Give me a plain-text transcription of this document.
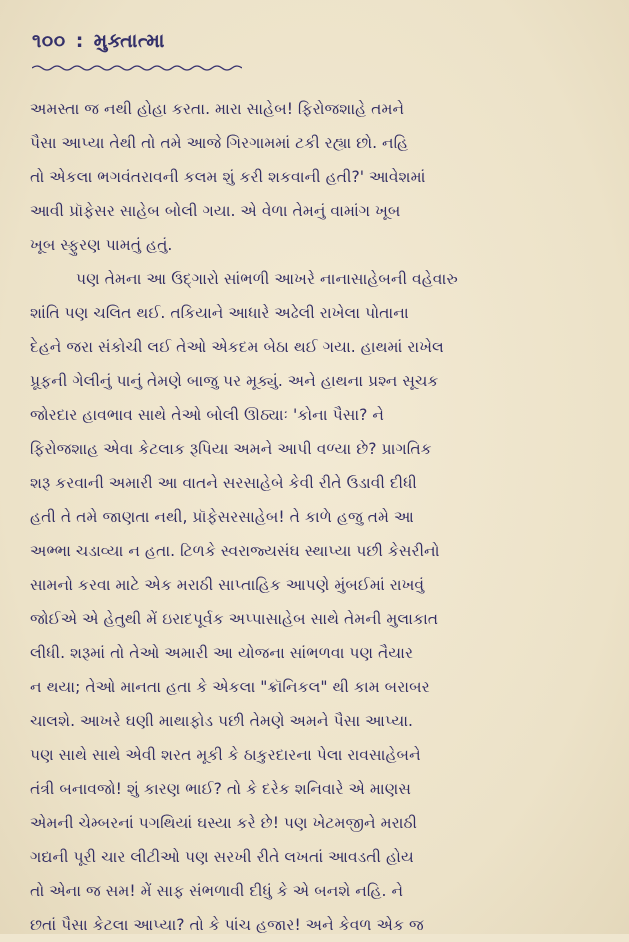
૧૦૦ : મુક્તાત્મા
અમસ્તા જ નથી હોહા કરતા. મારા સાહેબ! ફિરોજશાહે તમને
પૈસા આપ્યા તેથી તો તમે આજે ગિરગામમાં ટકી રહ્યા છો. નહિ
તો એકલા ભગવંતરાવની કલમ શું કરી શકવાની હતી?' આવેશમાં
આવી પ્રૉફેસર સાહેબ બોલી ગયા. એ વેળા તેમનું વામાંગ ખૂબ
ખૂબ સ્ફુરણ પામતું હતું.
પણ તેમના આ ઉદ્ગારો સાંભળી આખરે નાનાસાહેબની વહેવારુ
શાંતિ પણ ચલિત થઈ. તકિયાને આધારે અઢેલી રાખેલા પોતાના
દેહને જરા સંકોચી લઈ તેઓ એકદમ બેઠા થઈ ગયા. હાથમાં રાખેલ
પ્રૂફની ગેલીનું પાનું તેમણે બાજુ પર મૂક્યું. અને હાથના પ્રશ્ન સૂચક
જોરદાર હાવભાવ સાથે તેઓ બોલી ઊઠ્યાઃ 'કોના પૈસા? ને
ફિરોજશાહ એવા કેટલાક રૂપિયા અમને આપી વળ્યા છે? પ્રાગતિક
શરૂ કરવાની અમારી આ વાતને સરસાહેબે કેવી રીતે ઉડાવી દીધી
હતી તે તમે જાણતા નથી, પ્રૉફેસરસાહેબ! તે કાળે હજુ તમે આ
અભ્ભા ચડાવ્યા ન હતા. ટિળકે સ્વરાજ્યસંઘ સ્થાપ્યા પછી કેસરીનો
સામનો કરવા માટે એક મરાઠી સાપ્તાહિક આપણે મુંબઈમાં રાખવું
જોઈએ એ હેતુથી મેં ઇરાદપૂર્વક અપ્પાસાહેબ સાથે તેમની મુલાકાત
લીધી. શરૂમાં તો તેઓ અમારી આ યોજના સાંભળવા પણ તૈયાર
ન થયા; તેઓ માનતા હતા કે એકલા "ક્રૉનિકલ" થી કામ બરાબર
ચાલશે. આખરે ઘણી માથાફોડ પછી તેમણે અમને પૈસા આપ્યા.
પણ સાથે સાથે એવી શરત મૂકી કે ઠાકુરદારના પેલા રાવસાહેબને
તંત્રી બનાવજો! શું કારણ ભાઈ? તો કે દરેક શનિવારે એ માણસ
એમની ચેમ્બરનાં પગથિયાં ઘસ્યા કરે છે! પણ ખેટમજીને મરાઠી
ગદ્યની પૂરી ચાર લીટીઓ પણ સરખી રીતે લખતાં આવડતી હોય
તો એના જ સમ! મેં સાફ સંભળાવી દીધું કે એ બનશે નહિ. ને
છતાં પૈસા કેટલા આપ્યા? તો કે પાંચ હજાર! અને કેવળ એક જ
